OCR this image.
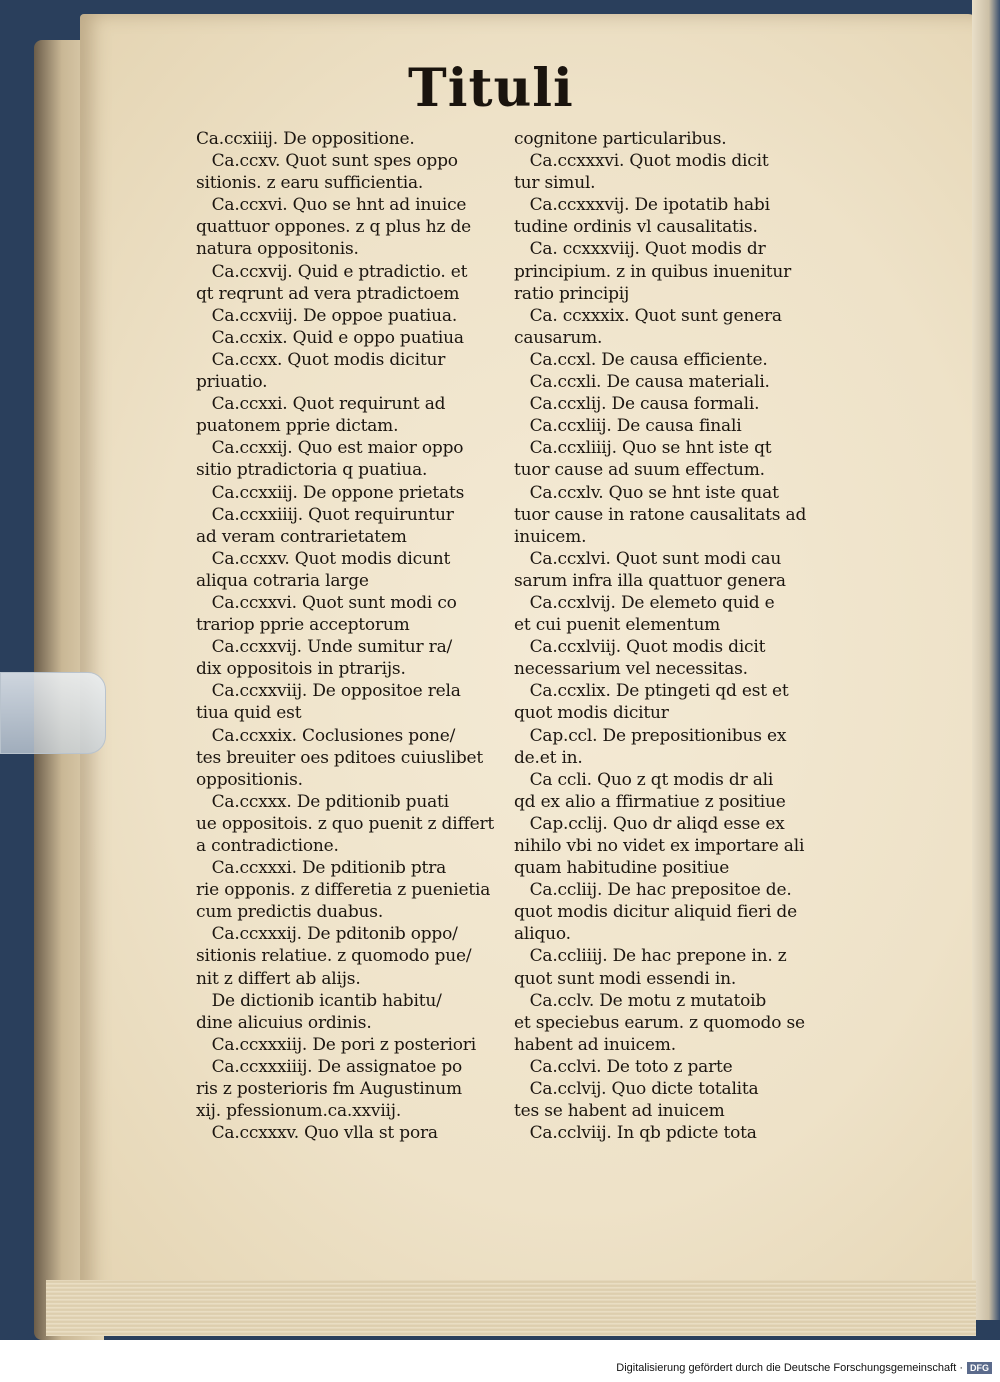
Tituli
Ca.ccxiiij. De oppositione.
Ca.ccxv. Quot sunt spes oppo
sitionis. z earu sufficientia.
Ca.ccxvi. Quo se hnt ad inuice
quattuor oppones. z q plus hz de
natura oppositonis.
Ca.ccxvij. Quid e ptradictio. et
qt reqrunt ad vera ptradictoem
Ca.ccxviij. De oppoe puatiua.
Ca.ccxix. Quid e oppo puatiua
Ca.ccxx. Quot modis dicitur
priuatio.
Ca.ccxxi. Quot requirunt ad
puatonem pprie dictam.
Ca.ccxxij. Quo est maior oppo
sitio ptradictoria q puatiua.
Ca.ccxxiij. De oppone prietats
Ca.ccxxiiij. Quot requiruntur
ad veram contrarietatem
Ca.ccxxv. Quot modis dicunt
aliqua cotraria large
Ca.ccxxvi. Quot sunt modi co
trariop pprie acceptorum
Ca.ccxxvij. Unde sumitur ra/
dix oppositois in ptrarijs.
Ca.ccxxviij. De oppositoe rela
tiua quid est
Ca.ccxxix. Coclusiones pone/
tes breuiter oes pditoes cuiuslibet
oppositionis.
Ca.ccxxx. De pditionib puati
ue oppositois. z quo puenit z differt
a contradictione.
Ca.ccxxxi. De pditionib ptra
rie opponis. z differetia z puenietia
cum predictis duabus.
Ca.ccxxxij. De pditonib oppo/
sitionis relatiue. z quomodo pue/
nit z differt ab alijs.
De dictionib icantib habitu/
dine alicuius ordinis.
Ca.ccxxxiij. De pori z posteriori
Ca.ccxxxiiij. De assignatoe po
ris z posterioris fm Augustinum
xij. pfessionum.ca.xxviij.
Ca.ccxxxv. Quo vlla st pora
cognitone particularibus.
Ca.ccxxxvi. Quot modis dicit
tur simul.
Ca.ccxxxvij. De ipotatib habi
tudine ordinis vl causalitatis.
Ca. ccxxxviij. Quot modis dr
principium. z in quibus inuenitur
ratio principij
Ca. ccxxxix. Quot sunt genera
causarum.
Ca.ccxl. De causa efficiente.
Ca.ccxli. De causa materiali.
Ca.ccxlij. De causa formali.
Ca.ccxliij. De causa finali
Ca.ccxliiij. Quo se hnt iste qt
tuor cause ad suum effectum.
Ca.ccxlv. Quo se hnt iste quat
tuor cause in ratone causalitats ad
inuicem.
Ca.ccxlvi. Quot sunt modi cau
sarum infra illa quattuor genera
Ca.ccxlvij. De elemeto quid e
et cui puenit elementum
Ca.ccxlviij. Quot modis dicit
necessarium vel necessitas.
Ca.ccxlix. De ptingeti qd est et
quot modis dicitur
Cap.ccl. De prepositionibus ex
de.et in.
Ca ccli. Quo z qt modis dr ali
qd ex alio a ffirmatiue z positiue
Cap.cclij. Quo dr aliqd esse ex
nihilo vbi no videt ex importare ali
quam habitudine positiue
Ca.ccliij. De hac prepositoe de.
quot modis dicitur aliquid fieri de
aliquo.
Ca.ccliiij. De hac prepone in. z
quot sunt modi essendi in.
Ca.cclv. De motu z mutatoib
et speciebus earum. z quomodo se
habent ad inuicem.
Ca.cclvi. De toto z parte
Ca.cclvij. Quo dicte totalita
tes se habent ad inuicem
Ca.cclviij. In qb pdicte tota
Digitalisierung gefördert durch die Deutsche Forschungsgemeinschaft · DFG
